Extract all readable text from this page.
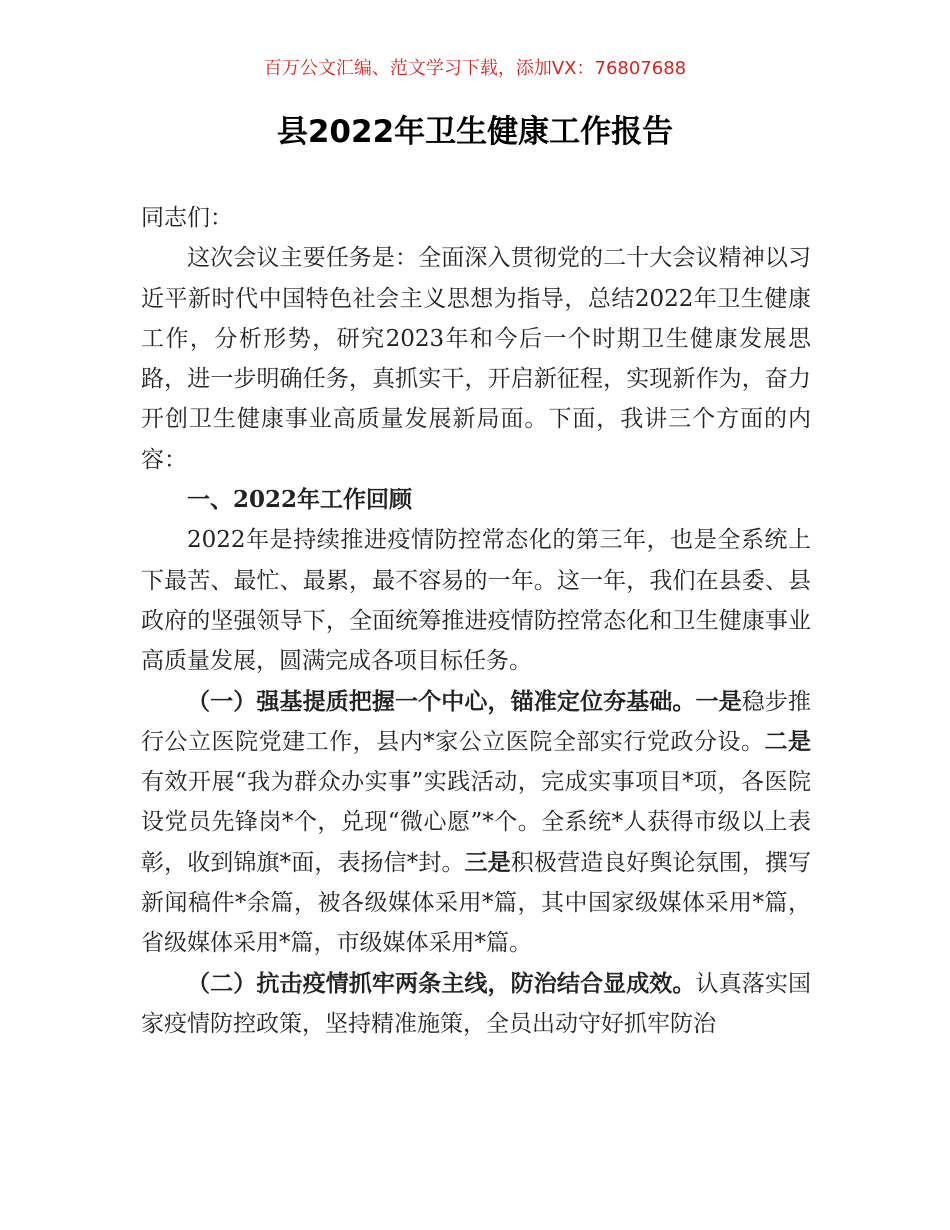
百万公文汇编、范文学习下载，添加VX：76807688
县2022年卫生健康工作报告

同志们：

这次会议主要任务是：全面深入贯彻党的二十大会议精神以习近平新时代中国特色社会主义思想为指导，总结2022年卫生健康工作，分析形势，研究2023年和今后一个时期卫生健康发展思路，进一步明确任务，真抓实干，开启新征程，实现新作为，奋力开创卫生健康事业高质量发展新局面。下面，我讲三个方面的内容：

一、2022年工作回顾

2022年是持续推进疫情防控常态化的第三年，也是全系统上下最苦、最忙、最累，最不容易的一年。这一年，我们在县委、县政府的坚强领导下，全面统筹推进疫情防控常态化和卫生健康事业高质量发展，圆满完成各项目标任务。

（一）强基提质把握一个中心，锚准定位夯基础。一是稳步推行公立医院党建工作，县内*家公立医院全部实行党政分设。二是有效开展“我为群众办实事”实践活动，完成实事项目*项，各医院设党员先锋岗*个，兑现“微心愿”*个。全系统*人获得市级以上表彰，收到锦旗*面，表扬信*封。三是积极营造良好舆论氛围，撰写新闻稿件*余篇，被各级媒体采用*篇，其中国家级媒体采用*篇，省级媒体采用*篇，市级媒体采用*篇。

（二）抗击疫情抓牢两条主线，防治结合显成效。认真落实国家疫情防控政策，坚持精准施策，全员出动守好抓牢防治
